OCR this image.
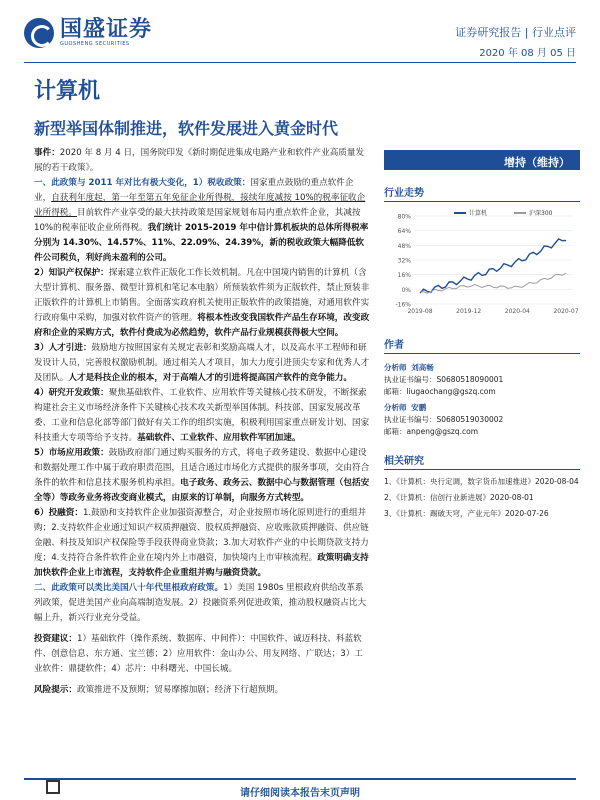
国盛证券
GUOSHENG SECURITIES
证券研究报告 | 行业点评
2020 年 08 月 05 日
计算机
新型举国体制推进，软件发展进入黄金时代

事件：2020 年 8 月 4 日，国务院印发《新时期促进集成电路产业和软件产业高质量发展的若干政策》。

一、此政策与 2011 年对比有极大变化，1）税收政策：国家重点鼓励的重点软件企业，自获利年度起，第一年至第五年免征企业所得税，接续年度减按 10%的税率征收企业所得税。目前软件产业享受的最大扶持政策是国家规划布局内重点软件企业，其减按 10%的税率征收企业所得税。我们统计 2015-2019 年中信计算机板块的总体所得税率分别为 14.30%、14.57%、11%、22.09%、24.39%，新的税收政策大幅降低软件公司税负，利好尚未盈利的公司。

2）知识产权保护：探索建立软件正版化工作长效机制。凡在中国境内销售的计算机（含大型计算机、服务器、微型计算机和笔记本电脑）所预装软件须为正版软件，禁止预装非正版软件的计算机上市销售。全面落实政府机关使用正版软件的政策措施，对通用软件实行政府集中采购，加强对软件资产的管理。将根本性改变我国软件产品生存环境，改变政府和企业的采购方式，软件付费成为必然趋势，软件产品行业规模获得极大空间。

3）人才引进：鼓励地方按照国家有关规定表彰和奖励高端人才，以及高水平工程师和研发设计人员，完善股权激励机制。通过相关人才项目，加大力度引进顶尖专家和优秀人才及团队。人才是科技企业的根本，对于高端人才的引进将提高国产软件的竞争能力。

4）研究开发政策：聚焦基础软件、工业软件、应用软件等关键核心技术研发，不断探索构建社会主义市场经济条件下关键核心技术攻关新型举国体制。科技部、国家发展改革委、工业和信息化部等部门做好有关工作的组织实施，积极利用国家重点研发计划、国家科技重大专项等给予支持。基础软件、工业软件、应用软件军团加速。

5）市场应用政策：鼓励政府部门通过购买服务的方式，将电子政务建设、数据中心建设和数据处理工作中属于政府职责范围，且适合通过市场化方式提供的服务事项，交由符合条件的软件和信息技术服务机构承担。电子政务、政务云、数据中心与数据管理（包括安全等）等政务业务将改变商业模式，由原来的订单制，向服务方式转型。

6）投融资：1.鼓励和支持软件企业加强资源整合，对企业按照市场化原则进行的重组并购；2.支持软件企业通过知识产权质押融资、股权质押融资、应收账款质押融资、供应链金融、科技及知识产权保险等手段获得商业贷款；3.加大对软件产业的中长期贷款支持力度；4.支持符合条件软件企业在境内外上市融资，加快境内上市审核流程。政策明确支持加快软件企业上市流程，支持软件企业重组并购与融资贷款。

二、此政策可以类比美国八十年代里根政府政策。1）美国 1980s 里根政府供给改革系列政策，促进美国产业向高端制造发展。2）投融资系列促进政策，推动股权融资占比大幅上升，新兴行业充分受益。

投资建议：1）基础软件（操作系统、数据库、中间件）：中国软件、诚迈科技、科蓝软件、创意信息、东方通、宝兰德；2）应用软件：金山办公、用友网络、广联达；3）工业软件：鼎捷软件；4）芯片：中科曙光、中国长城。

风险提示：政策推进不及预期；贸易摩擦加剧；经济下行超预期。

增持（维持）
行业走势
80%
64%
48%
32%
16%
0%
-16%
2019-08	2019-12	2020-04	2020-07
计算机	沪深300
作者
分析师 刘高畅
执业证书编号：S0680518090001
邮箱：liugaochang@gszq.com
分析师 安鹏
执业证书编号：S0680519030002
邮箱：anpeng@gszq.com
相关研究
1、《计算机：央行定调，数字货币加速推进》2020-08-04
2、《计算机：信创行业新进展》2020-08-01
3、《计算机：踢破天穹，产业元年》2020-07-26
请仔细阅读本报告末页声明
